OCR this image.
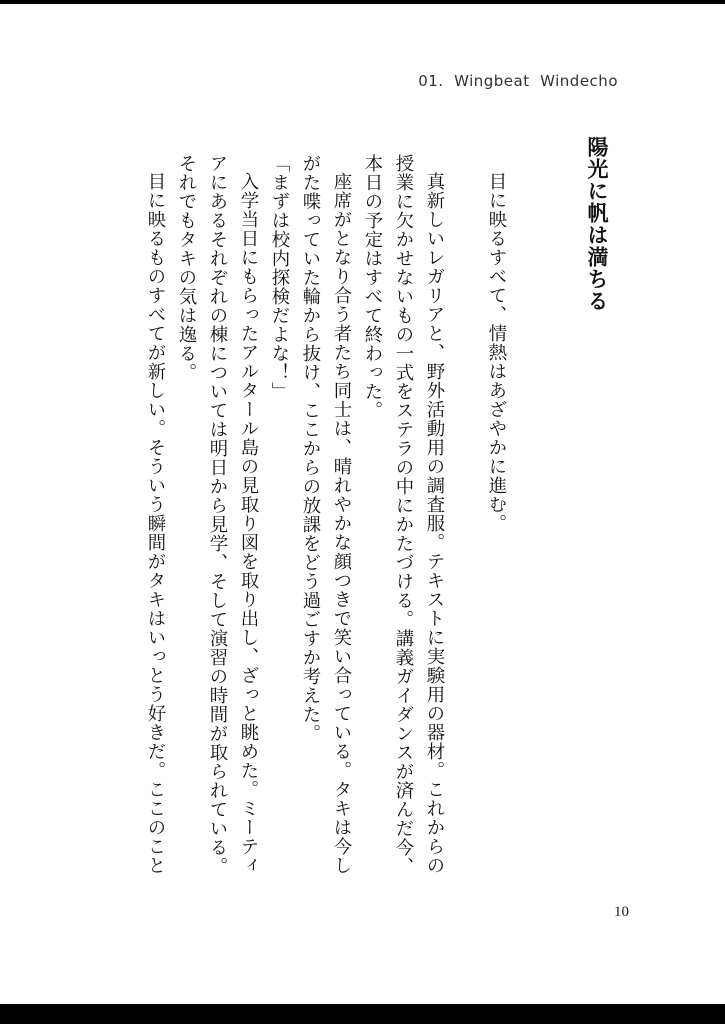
01.  Wingbeat  Windecho
陽光に帆は満ちる

目に映るすべて、情熱はあざやかに進む。

真新しいレガリアと、野外活動用の調査服。テキストに実験用の器材。これからの授業に欠かせないもの一式をステラの中にかたづける。講義ガイダンスが済んだ今、本日の予定はすべて終わった。

座席がとなり合う者たち同士は、晴れやかな顔つきで笑い合っている。タキは今しがた喋っていた輪から抜け、ここからの放課をどう過ごすか考えた。

「まずは校内探検だよな！」

入学当日にもらったアルタール島の見取り図を取り出し、ざっと眺めた。ミーティアにあるそれぞれの棟については明日から見学、そして演習の時間が取られている。それでもタキの気は逸る。

目に映るものすべてが新しい。そういう瞬間がタキはいっとう好きだ。ここのこと

10
